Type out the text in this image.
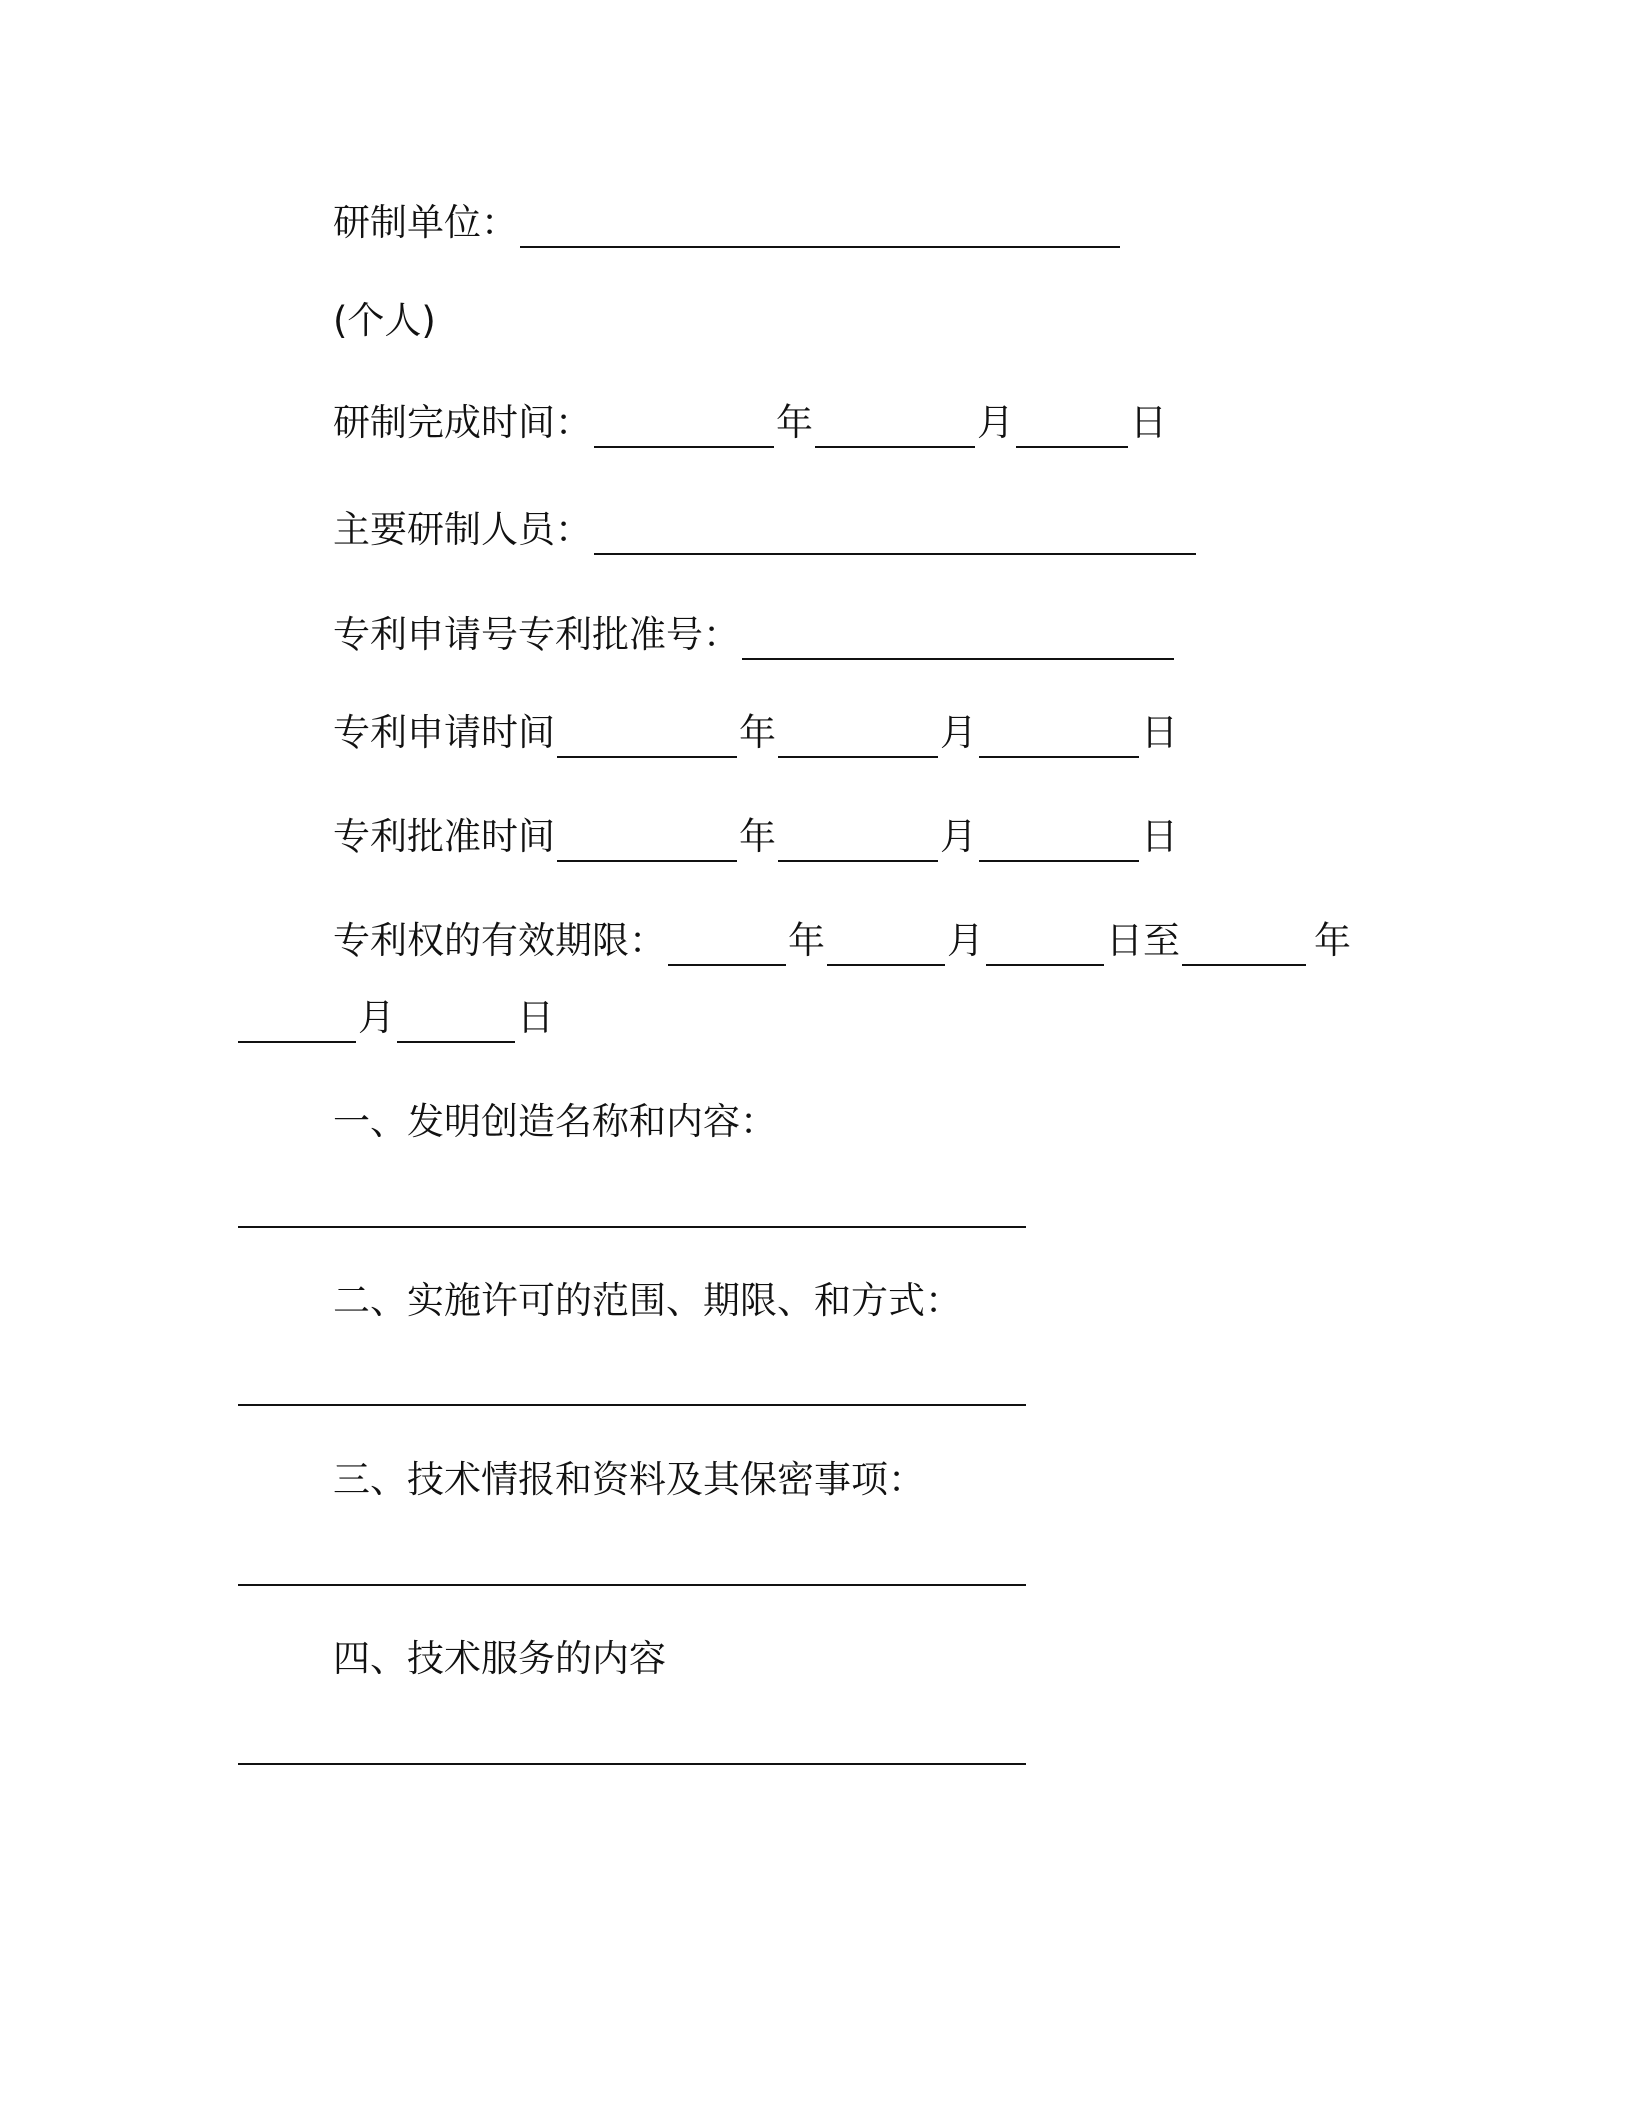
研制单位：
(个人)
研制完成时间：	年	月	日
主要研制人员：
专利申请号专利批准号：
专利申请时间	年	月	日
专利批准时间	年	月	日
专利权的有效期限：	年	月	日至	年
月	日
一、发明创造名称和内容：
二、实施许可的范围、期限、和方式：
三、技术情报和资料及其保密事项：
四、技术服务的内容
